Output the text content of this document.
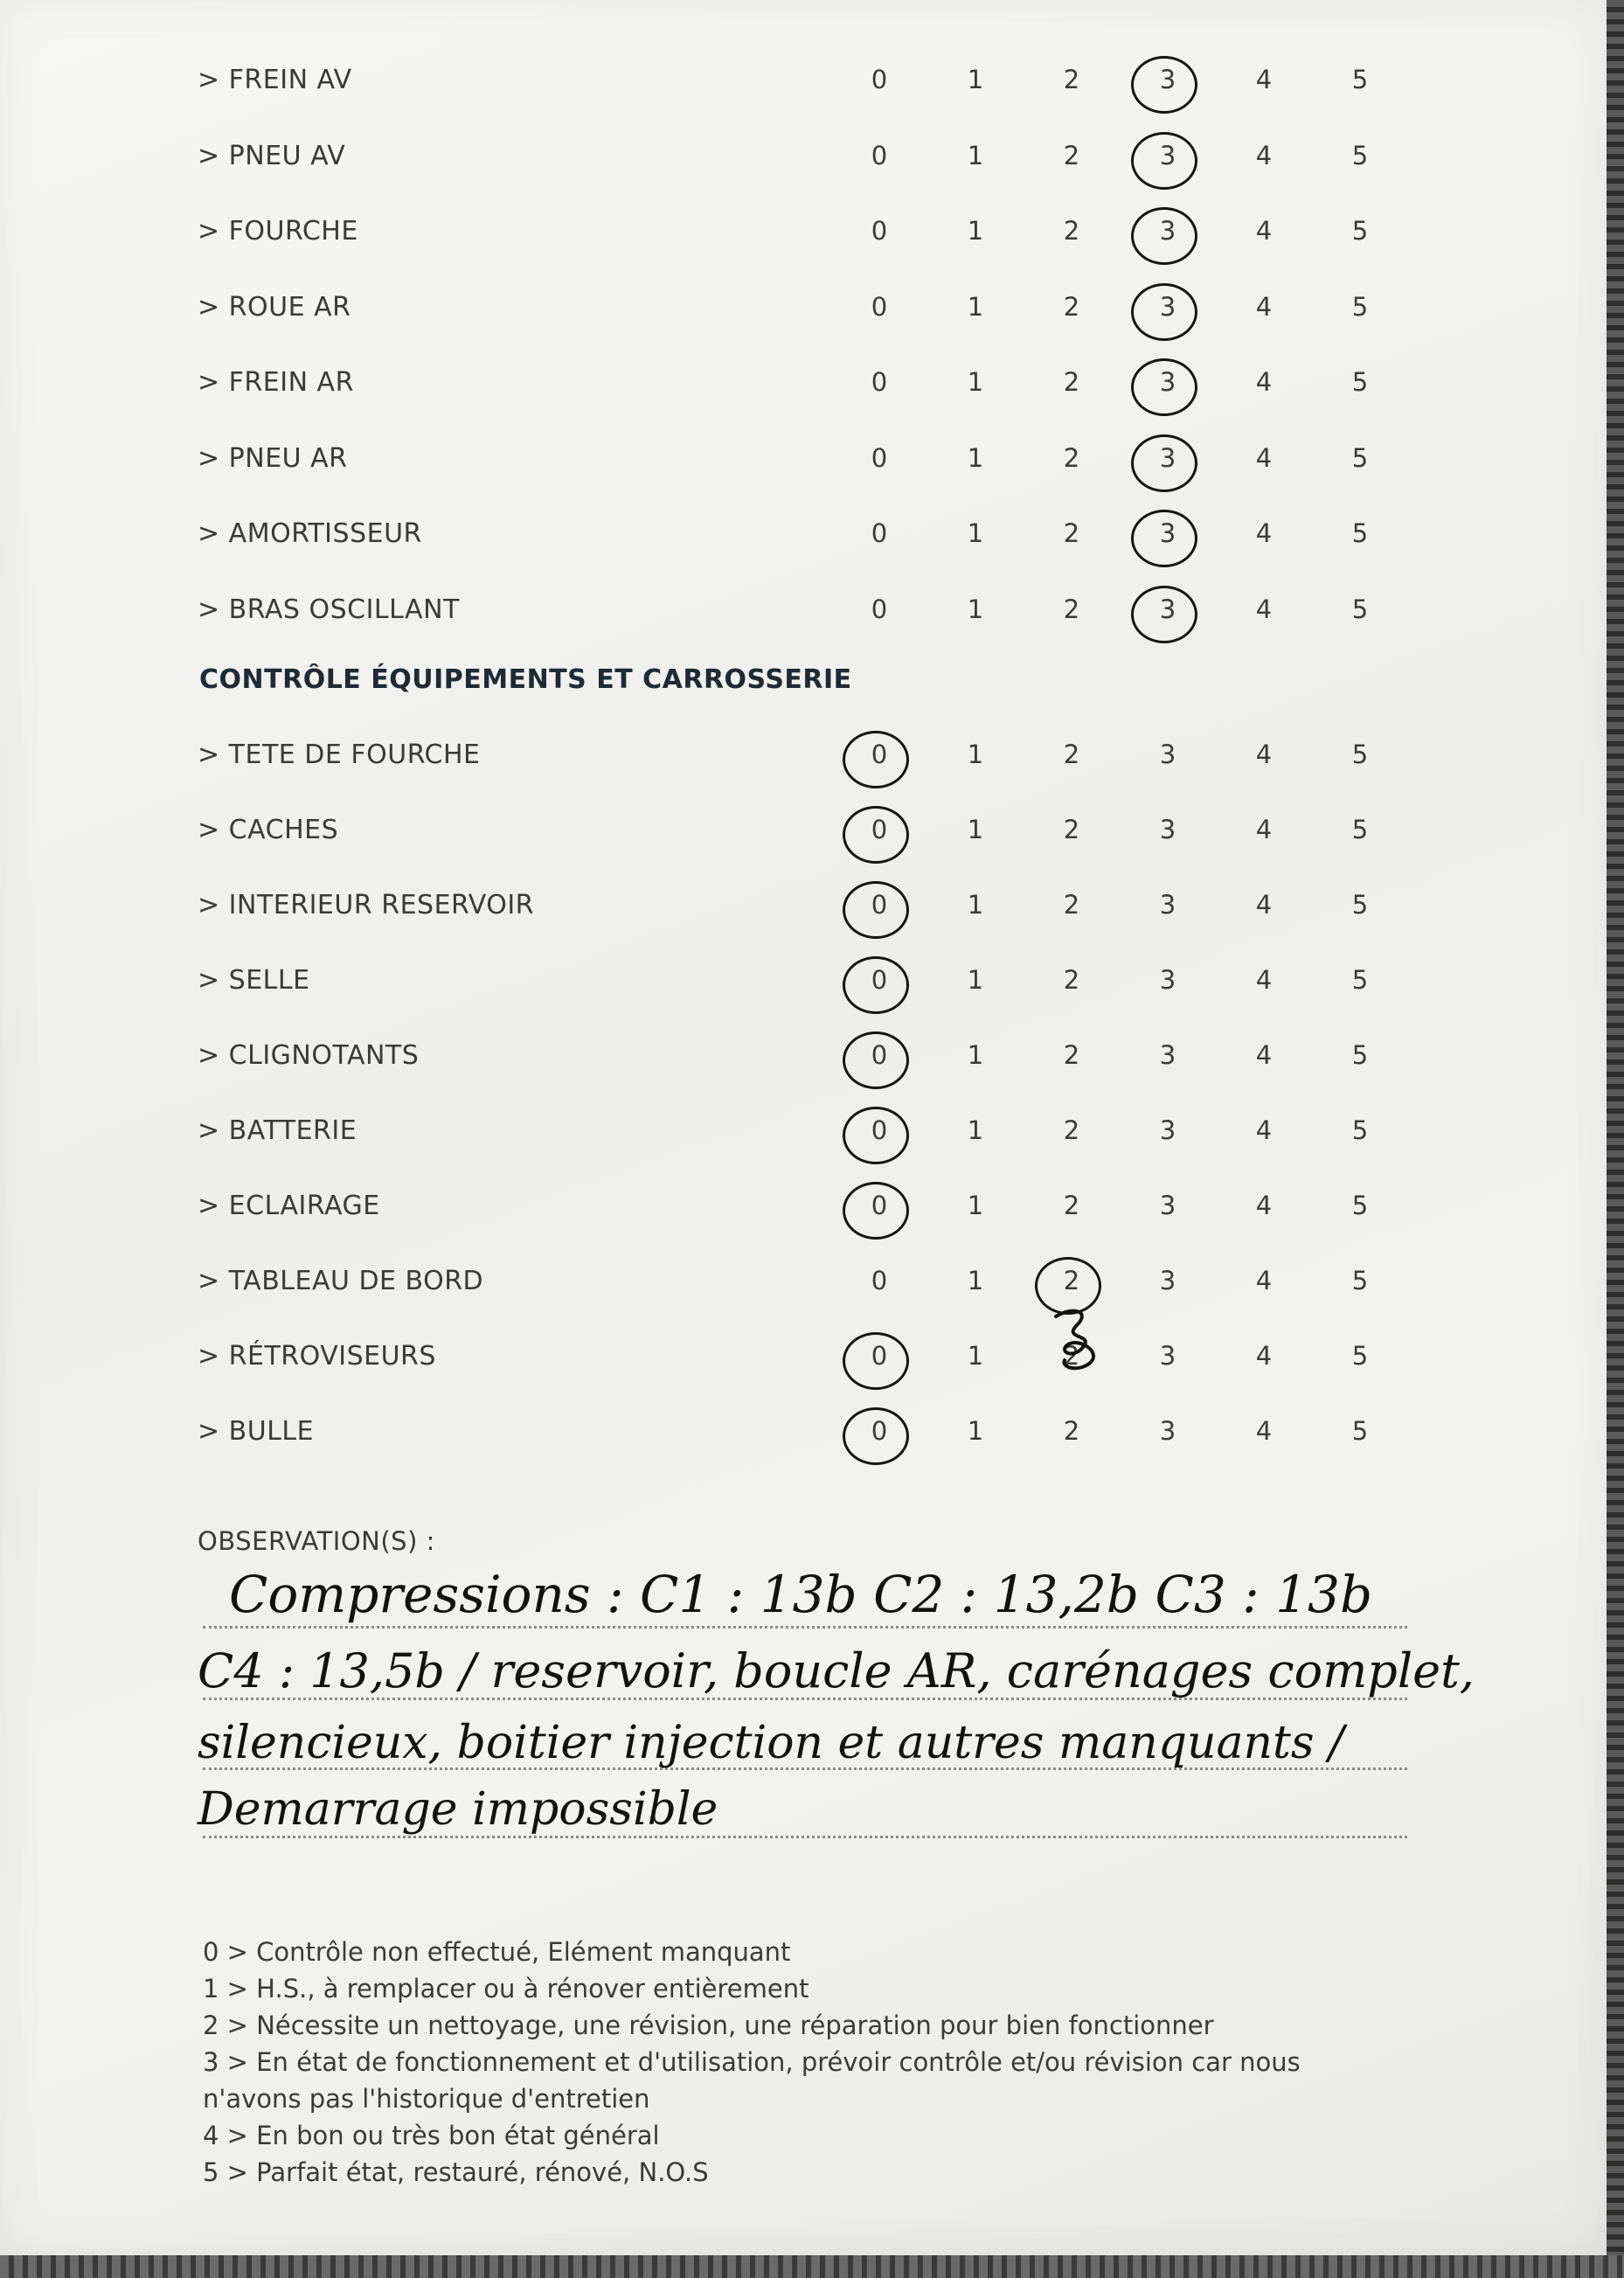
> FREIN AV	0	1	2	3	4	5
> PNEU AV	0	1	2	3	4	5
> FOURCHE	0	1	2	3	4	5
> ROUE AR	0	1	2	3	4	5
> FREIN AR	0	1	2	3	4	5
> PNEU AR	0	1	2	3	4	5
> AMORTISSEUR	0	1	2	3	4	5
> BRAS OSCILLANT	0	1	2	3	4	5
CONTRÔLE ÉQUIPEMENTS ET CARROSSERIE
> TETE DE FOURCHE	0	1	2	3	4	5
> CACHES	0	1	2	3	4	5
> INTERIEUR RESERVOIR	0	1	2	3	4	5
> SELLE	0	1	2	3	4	5
> CLIGNOTANTS	0	1	2	3	4	5
> BATTERIE	0	1	2	3	4	5
> ECLAIRAGE	0	1	2	3	4	5
> TABLEAU DE BORD	0	1	2	3	4	5
> RÉTROVISEURS	0	1	2	3	4	5
> BULLE	0	1	2	3	4	5
OBSERVATION(S) :
Compressions : C1 : 13b C2 : 13,2b C3 : 13b
C4 : 13,5b / reservoir, boucle AR, carénages complet,
silencieux, boitier injection et autres manquants /
Demarrage impossible
0 > Contrôle non effectué, Elément manquant
1 > H.S., à remplacer ou à rénover entièrement
2 > Nécessite un nettoyage, une révision, une réparation pour bien fonctionner
3 > En état de fonctionnement et d'utilisation, prévoir contrôle et/ou révision car nous
n'avons pas l'historique d'entretien
4 > En bon ou très bon état général
5 > Parfait état, restauré, rénové, N.O.S
